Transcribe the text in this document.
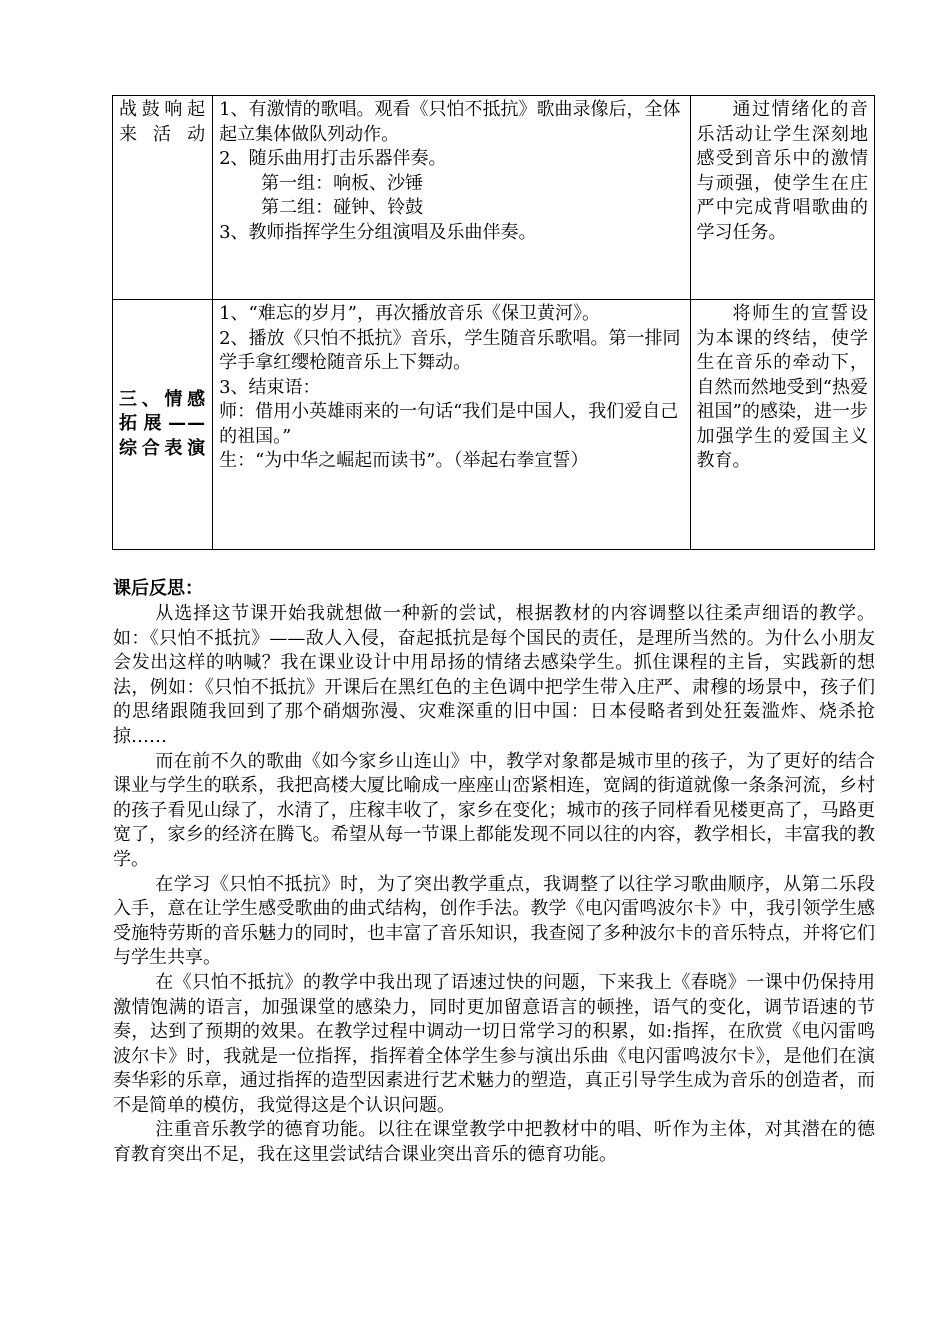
战鼓响起来活动	1、有激情的歌唱。观看《只怕不抵抗》歌曲录像后，全体起立集体做队列动作。
2、随乐曲用打击乐器伴奏。
第一组：响板、沙锤
第二组：碰钟、铃鼓
3、教师指挥学生分组演唱及乐曲伴奏。	通过情绪化的音乐活动让学生深刻地感受到音乐中的激情与顽强，使学生在庄严中完成背唱歌曲的学习任务。
三、情感拓展——综合表演	1、“难忘的岁月”，再次播放音乐《保卫黄河》。
2、播放《只怕不抵抗》音乐，学生随音乐歌唱。第一排同学手拿红缨枪随音乐上下舞动。
3、结束语：
师：借用小英雄雨来的一句话“我们是中国人，我们爱自己的祖国。”
生：“为中华之崛起而读书”。（举起右拳宣誓）	将师生的宣誓设为本课的终结，使学生在音乐的牵动下，自然而然地受到“热爱祖国”的感染，进一步加强学生的爱国主义教育。
课后反思：

从选择这节课开始我就想做一种新的尝试，根据教材的内容调整以往柔声细语的教学。如：《只怕不抵抗》——敌人入侵，奋起抵抗是每个国民的责任，是理所当然的。为什么小朋友会发出这样的呐喊？我在课业设计中用昂扬的情绪去感染学生。抓住课程的主旨，实践新的想法，例如：《只怕不抵抗》开课后在黑红色的主色调中把学生带入庄严、肃穆的场景中，孩子们的思绪跟随我回到了那个硝烟弥漫、灾难深重的旧中国：日本侵略者到处狂轰滥炸、烧杀抢掠……

而在前不久的歌曲《如今家乡山连山》中，教学对象都是城市里的孩子，为了更好的结合课业与学生的联系，我把高楼大厦比喻成一座座山峦紧相连，宽阔的街道就像一条条河流，乡村的孩子看见山绿了，水清了，庄稼丰收了，家乡在变化；城市的孩子同样看见楼更高了，马路更宽了，家乡的经济在腾飞。希望从每一节课上都能发现不同以往的内容，教学相长，丰富我的教学。

在学习《只怕不抵抗》时，为了突出教学重点，我调整了以往学习歌曲顺序，从第二乐段入手，意在让学生感受歌曲的曲式结构，创作手法。教学《电闪雷鸣波尔卡》中，我引领学生感受施特劳斯的音乐魅力的同时，也丰富了音乐知识，我查阅了多种波尔卡的音乐特点，并将它们与学生共享。

在《只怕不抵抗》的教学中我出现了语速过快的问题，下来我上《春晓》一课中仍保持用激情饱满的语言，加强课堂的感染力，同时更加留意语言的顿挫，语气的变化，调节语速的节奏，达到了预期的效果。在教学过程中调动一切日常学习的积累，如:指挥，在欣赏《电闪雷鸣波尔卡》时，我就是一位指挥，指挥着全体学生参与演出乐曲《电闪雷鸣波尔卡》，是他们在演奏华彩的乐章，通过指挥的造型因素进行艺术魅力的塑造，真正引导学生成为音乐的创造者，而不是简单的模仿，我觉得这是个认识问题。

注重音乐教学的德育功能。以往在课堂教学中把教材中的唱、听作为主体，对其潜在的德育教育突出不足，我在这里尝试结合课业突出音乐的德育功能。
